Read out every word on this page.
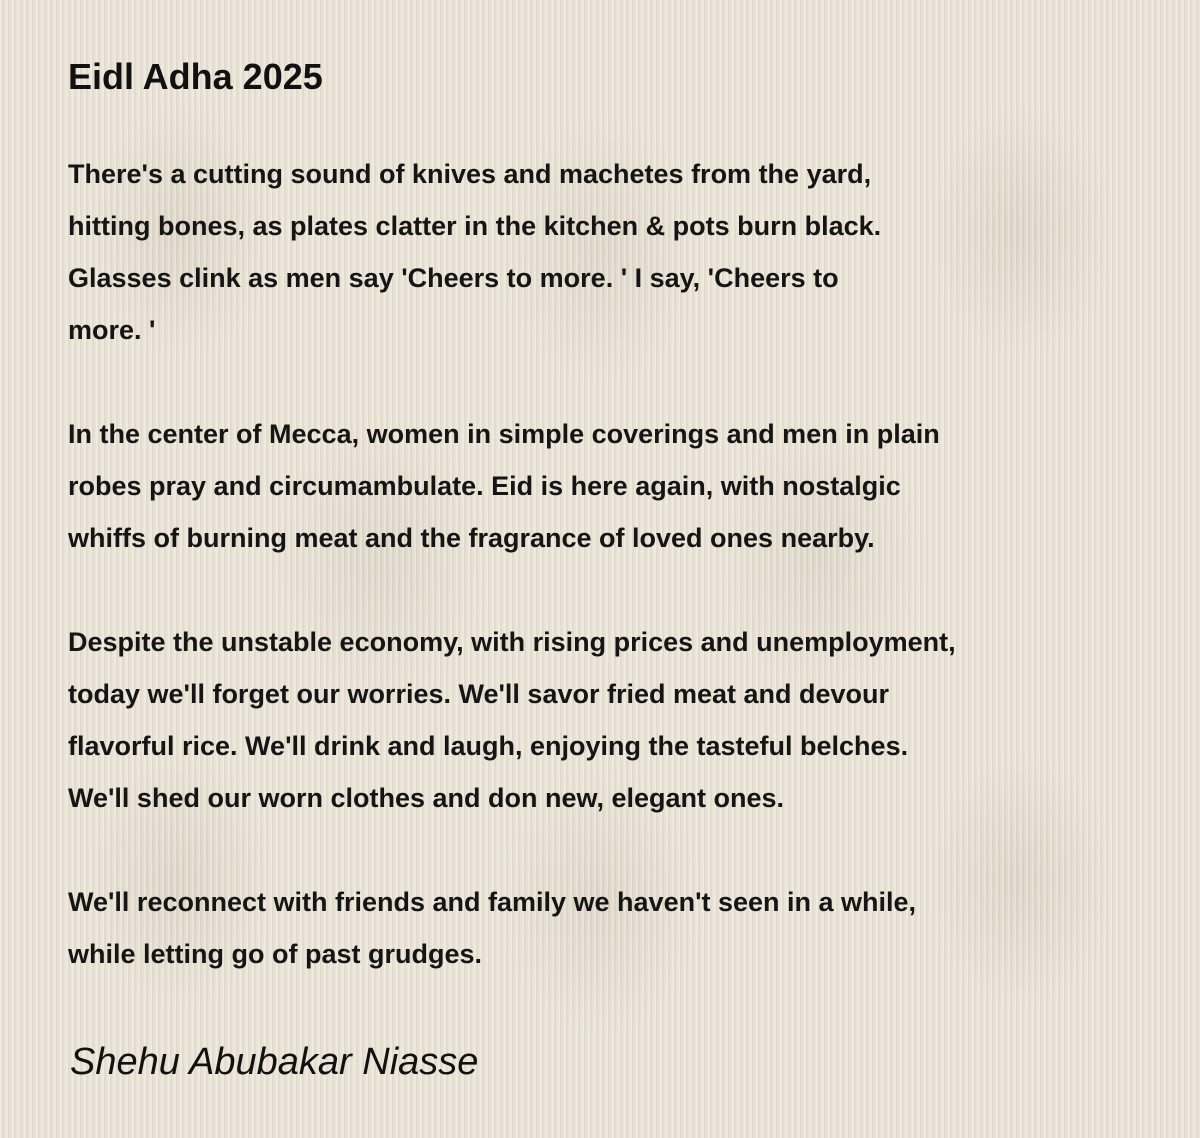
Eidl Adha 2025

There's a cutting sound of knives and machetes from the yard,
hitting bones, as plates clatter in the kitchen & pots burn black.
Glasses clink as men say 'Cheers to more. ' I say, 'Cheers to
more. '

In the center of Mecca, women in simple coverings and men in plain
robes pray and circumambulate. Eid is here again, with nostalgic
whiffs of burning meat and the fragrance of loved ones nearby.

Despite the unstable economy, with rising prices and unemployment,
today we'll forget our worries. We'll savor fried meat and devour
flavorful rice. We'll drink and laugh, enjoying the tasteful belches.
We'll shed our worn clothes and don new, elegant ones.

We'll reconnect with friends and family we haven't seen in a while,
while letting go of past grudges.

Shehu Abubakar Niasse
